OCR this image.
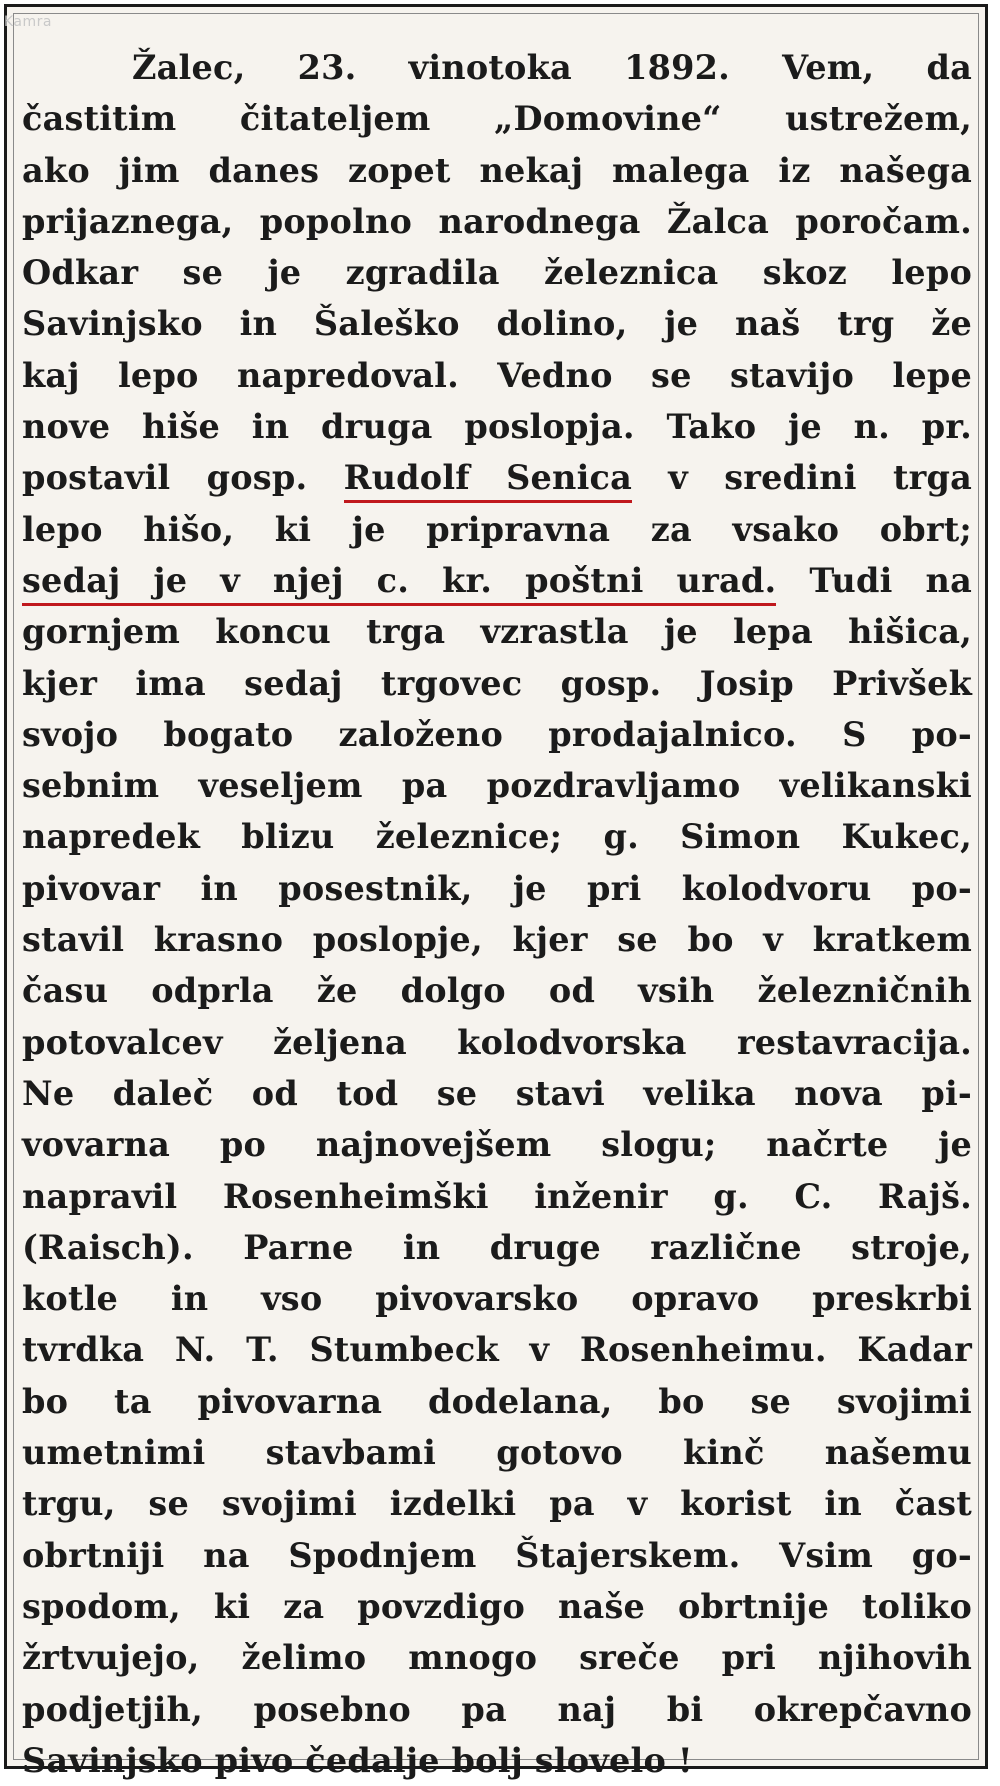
Kamra
Žalec, 23. vinotoka 1892. Vem, da
častitim čitateljem „Domovine“ ustrežem,
ako jim danes zopet nekaj malega iz našega
prijaznega, popolno narodnega Žalca poročam.
Odkar se je zgradila železnica skoz lepo
Savinjsko in Šaleško dolino, je naš trg že
kaj lepo napredoval. Vedno se stavijo lepe
nove hiše in druga poslopja. Tako je n. pr.
postavil gosp. Rudolf Senica v sredini trga
lepo hišo, ki je pripravna za vsako obrt;
sedaj je v njej c. kr. poštni urad. Tudi na
gornjem koncu trga vzrastla je lepa hišica,
kjer ima sedaj trgovec gosp. Josip Privšek
svojo bogato založeno prodajalnico. S po-
sebnim veseljem pa pozdravljamo velikanski
napredek blizu železnice; g. Simon Kukec,
pivovar in posestnik, je pri kolodvoru po-
stavil krasno poslopje, kjer se bo v kratkem
času odprla že dolgo od vsih železničnih
potovalcev željena kolodvorska restavracija.
Ne daleč od tod se stavi velika nova pi-
vovarna po najnovejšem slogu; načrte je
napravil Rosenheimški inženir g. C. Rajš.
(Raisch). Parne in druge različne stroje,
kotle in vso pivovarsko opravo preskrbi
tvrdka N. T. Stumbeck v Rosenheimu. Kadar
bo ta pivovarna dodelana, bo se svojimi
umetnimi stavbami gotovo kinč našemu
trgu, se svojimi izdelki pa v korist in čast
obrtniji na Spodnjem Štajerskem. Vsim go-
spodom, ki za povzdigo naše obrtnije toliko
žrtvujejo, želimo mnogo sreče pri njihovih
podjetjih, posebno pa naj bi okrepčavno
Savinjsko pivo čedalje bolj slovelo !
